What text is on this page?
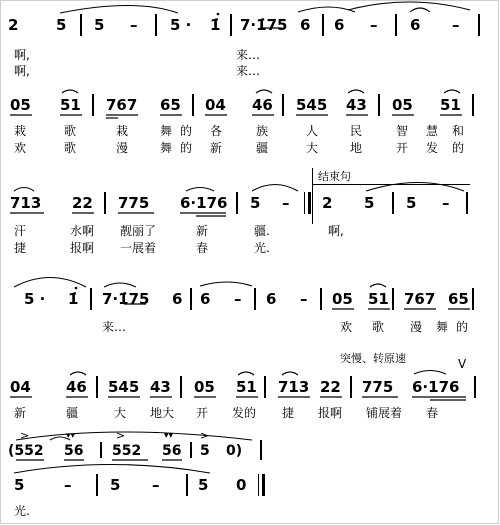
2	5 5 – 5 · 1̇ 7·1̇75 6 6 – 6 –
啊,	来…
啊,	来…
05 51 767 65 04 46 545 43 05 51
栽	歌	栽	舞 的 各	族	人	民	智 慧 和
欢	歌	漫	舞 的 新	疆	大	地	开 发 的
结束句
713 22 775 6·176 5 – 2 5 5 –
汗	水啊 靓丽了	新	疆.	啊,
捷	报啊 一展着	春	光.
5 · 1̇ 7·1̇75 6 6 – 6 – 05 51 767 65
来…	欢 歌 漫 舞 的
突慢、转原速	V
04 46 545 43 05 51 713 22 775 6·176
新	疆	大 地大 开 发的 捷 报啊 铺展着 春
>	▾▾	>	▾▾ >
(552 56 552 56 5 0)
5	–	5 –	5 0
光.
